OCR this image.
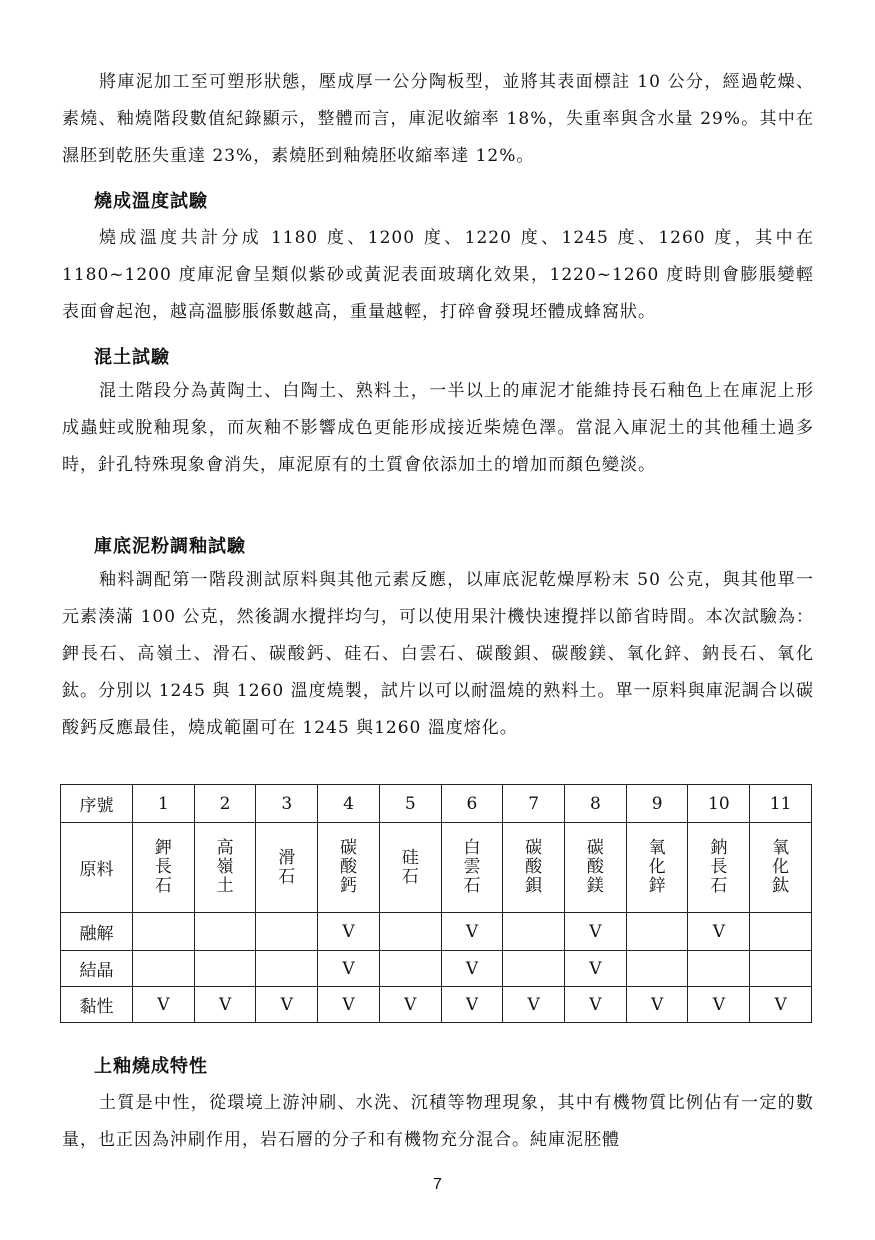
將庫泥加工至可塑形狀態，壓成厚一公分陶板型，並將其表面標註 10 公分，經過乾燥、素燒、釉燒階段數值紀錄顯示，整體而言，庫泥收縮率 18%，失重率與含水量 29%。其中在濕胚到乾胚失重達 23%，素燒胚到釉燒胚收縮率達 12%。

燒成溫度試驗

燒成溫度共計分成 1180 度、1200 度、1220 度、1245 度、1260 度，其中在1180~1200 度庫泥會呈類似紫砂或黃泥表面玻璃化效果，1220~1260 度時則會膨脹變輕表面會起泡，越高溫膨脹係數越高，重量越輕，打碎會發現坯體成蜂窩狀。

混土試驗

混土階段分為黃陶土、白陶土、熟料土，一半以上的庫泥才能維持長石釉色上在庫泥上形成蟲蛀或脫釉現象，而灰釉不影響成色更能形成接近柴燒色澤。當混入庫泥土的其他種土過多時，針孔特殊現象會消失，庫泥原有的土質會依添加土的增加而顏色變淡。

庫底泥粉調釉試驗

釉料調配第一階段測試原料與其他元素反應，以庫底泥乾燥厚粉末 50 公克，與其他單一元素湊滿 100 公克，然後調水攪拌均勻，可以使用果汁機快速攪拌以節省時間。本次試驗為：鉀長石、高嶺土、滑石、碳酸鈣、硅石、白雲石、碳酸鋇、碳酸鎂、氧化鋅、鈉長石、氧化鈦。分別以 1245 與 1260 溫度燒製，試片以可以耐溫燒的熟料土。單一原料與庫泥調合以碳酸鈣反應最佳，燒成範圍可在 1245 與1260 溫度熔化。

序號	1	2	3	4	5	6	7	8	9	10	11
原料	鉀長石	高嶺土	滑石	碳酸鈣	硅石	白雲石	碳酸鋇	碳酸鎂	氧化鋅	鈉長石	氧化鈦
融解				V		V		V		V	
結晶				V		V		V			
黏性	V	V	V	V	V	V	V	V	V	V	V
上釉燒成特性

土質是中性，從環境上游沖刷、水洗、沉積等物理現象，其中有機物質比例佔有一定的數量，也正因為沖刷作用，岩石層的分子和有機物充分混合。純庫泥胚體

7
